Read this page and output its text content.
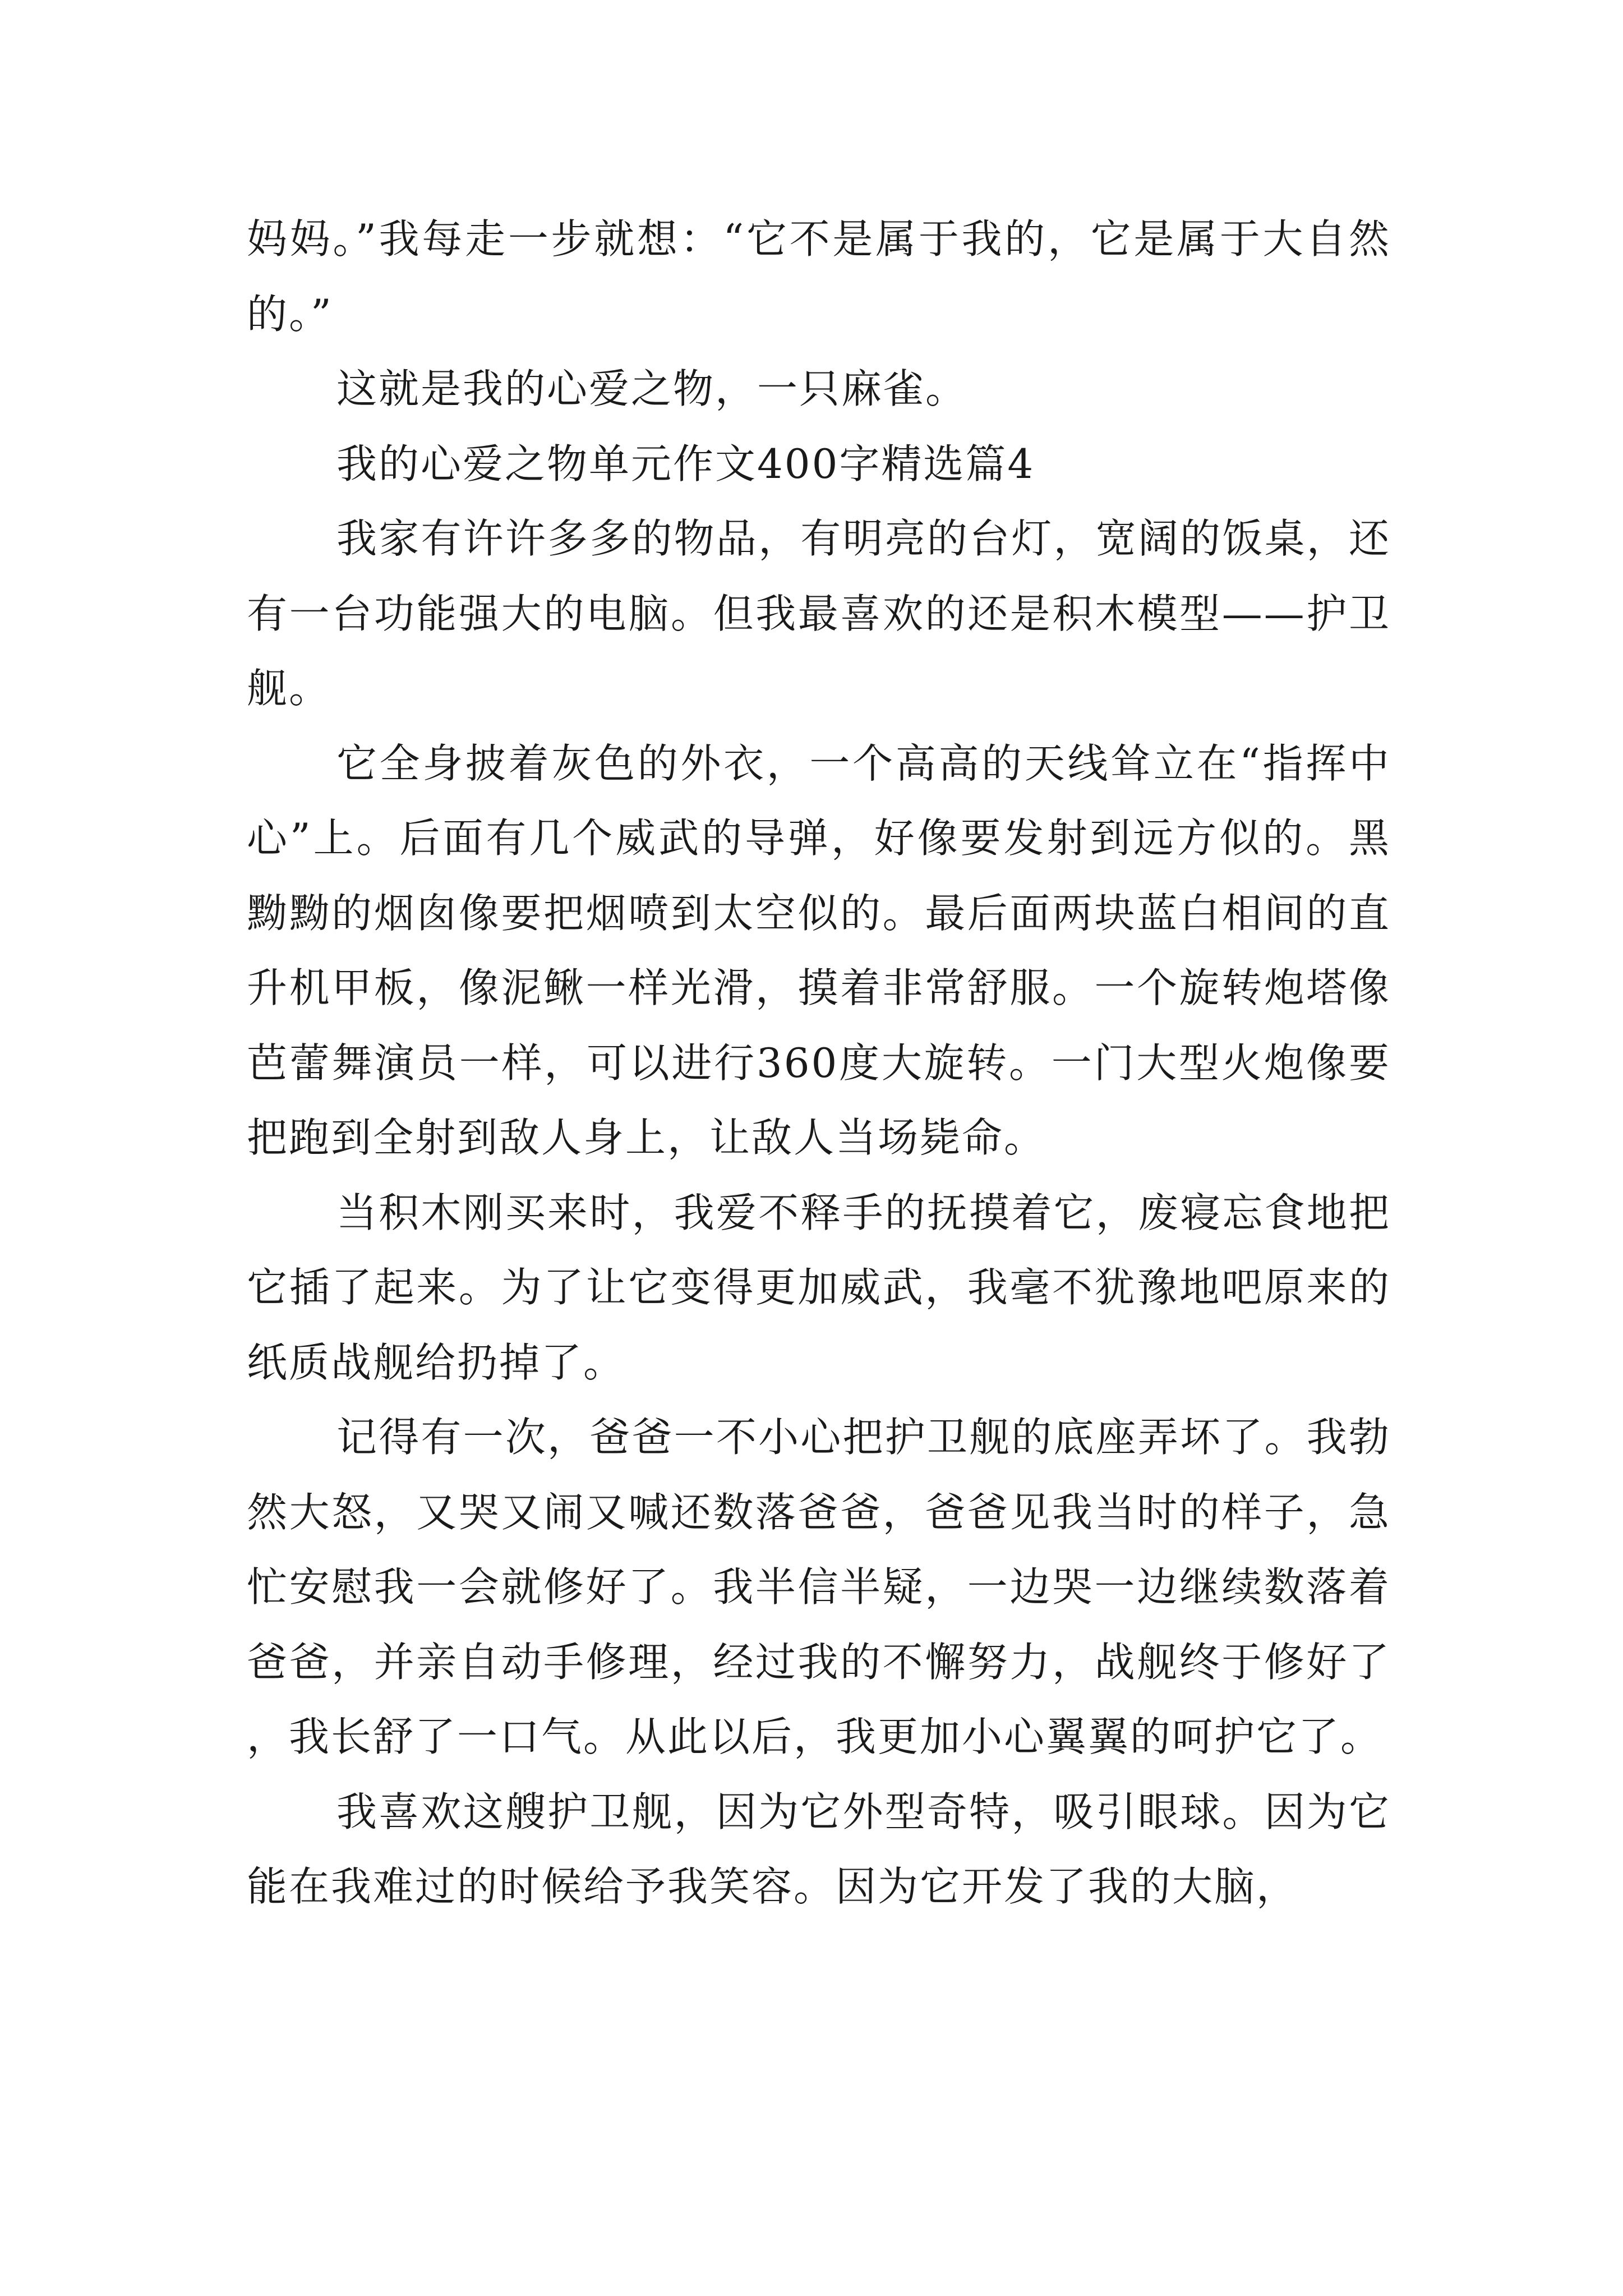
妈妈。”我每走一步就想：“它不是属于我的，它是属于大自然的。”

这就是我的心爱之物，一只麻雀。

我的心爱之物单元作文400字精选篇4

我家有许许多多的物品，有明亮的台灯，宽阔的饭桌，还有一台功能强大的电脑。但我最喜欢的还是积木模型——护卫舰。

它全身披着灰色的外衣，一个高高的天线耸立在“指挥中心”上。后面有几个威武的导弹，好像要发射到远方似的。黑黝黝的烟囱像要把烟喷到太空似的。最后面两块蓝白相间的直升机甲板，像泥鳅一样光滑，摸着非常舒服。一个旋转炮塔像芭蕾舞演员一样，可以进行360度大旋转。一门大型火炮像要把跑到全射到敌人身上，让敌人当场毙命。

当积木刚买来时，我爱不释手的抚摸着它，废寝忘食地把它插了起来。为了让它变得更加威武，我毫不犹豫地吧原来的纸质战舰给扔掉了。

记得有一次，爸爸一不小心把护卫舰的底座弄坏了。我勃然大怒，又哭又闹又喊还数落爸爸，爸爸见我当时的样子，急忙安慰我一会就修好了。我半信半疑，一边哭一边继续数落着爸爸，并亲自动手修理，经过我的不懈努力，战舰终于修好了，我长舒了一口气。从此以后，我更加小心翼翼的呵护它了。

我喜欢这艘护卫舰，因为它外型奇特，吸引眼球。因为它能在我难过的时候给予我笑容。因为它开发了我的大脑，
